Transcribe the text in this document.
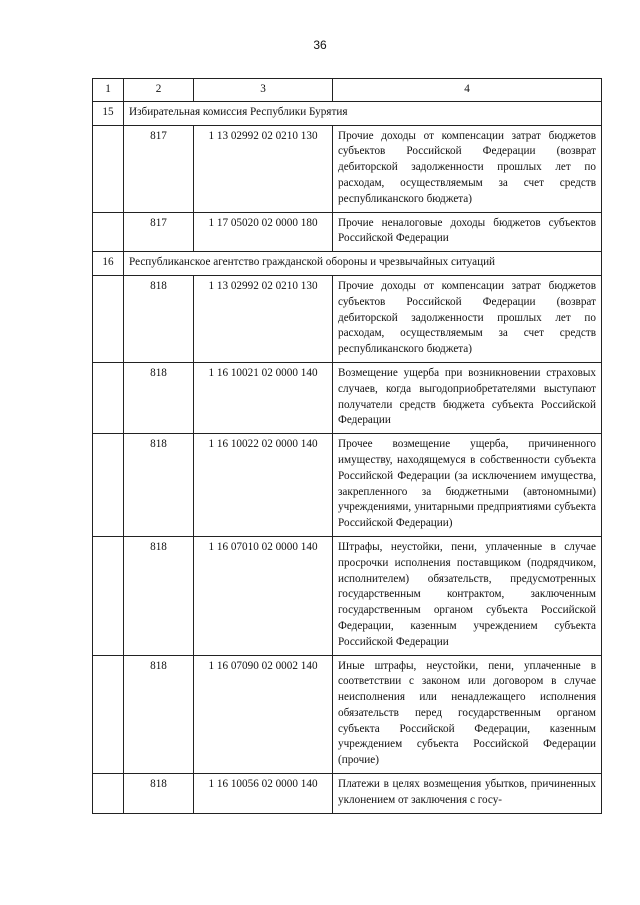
36
1	2	3	4
15	Избирательная комиссия Республики Бурятия		
	817	1 13 02992 02 0210 130	Прочие доходы от компенсации затрат бюджетов субъектов Российской Федерации (возврат дебиторской задолженности прошлых лет по расходам, осуществляемым за счет средств республиканского бюджета)
	817	1 17 05020 02 0000 180	Прочие неналоговые доходы бюджетов субъектов Российской Федерации
16	Республиканское агентство гражданской обороны и чрезвычайных ситуаций		
	818	1 13 02992 02 0210 130	Прочие доходы от компенсации затрат бюджетов субъектов Российской Федерации (возврат дебиторской задолженности прошлых лет по расходам, осуществляемым за счет средств республиканского бюджета)
	818	1 16 10021 02 0000 140	Возмещение ущерба при возникновении страховых случаев, когда выгодоприобретателями выступают получатели средств бюджета субъекта Российской Федерации
	818	1 16 10022 02 0000 140	Прочее возмещение ущерба, причиненного имуществу, находящемуся в собственности субъекта Российской Федерации (за исключением имущества, закрепленного за бюджетными (автономными) учреждениями, унитарными предприятиями субъекта Российской Федерации)
	818	1 16 07010 02 0000 140	Штрафы, неустойки, пени, уплаченные в случае просрочки исполнения поставщиком (подрядчиком, исполнителем) обязательств, предусмотренных государственным контрактом, заключенным государственным органом субъекта Российской Федерации, казенным учреждением субъекта Российской Федерации
	818	1 16 07090 02 0002 140	Иные штрафы, неустойки, пени, уплаченные в соответствии с законом или договором в случае неисполнения или ненадлежащего исполнения обязательств перед государственным органом субъекта Российской Федерации, казенным учреждением субъекта Российской Федерации (прочие)
	818	1 16 10056 02 0000 140	Платежи в целях возмещения убытков, причиненных уклонением от заключения с госу-
